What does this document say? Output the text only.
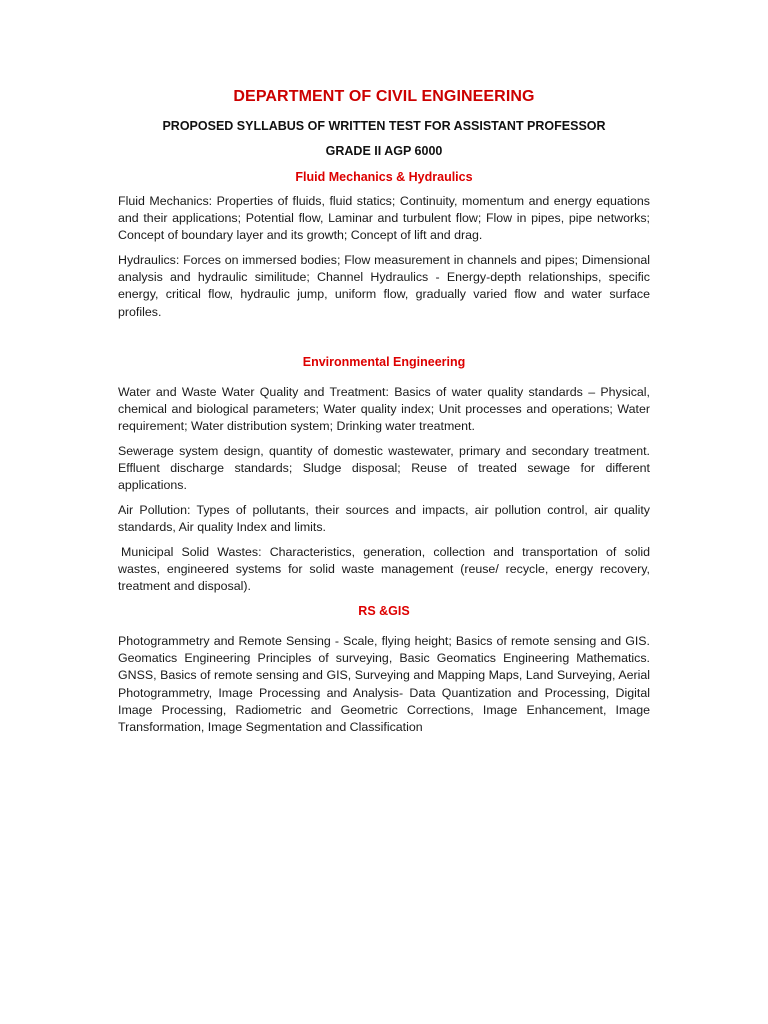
DEPARTMENT OF CIVIL ENGINEERING

PROPOSED SYLLABUS OF WRITTEN TEST FOR ASSISTANT PROFESSOR

GRADE II AGP 6000

Fluid Mechanics & Hydraulics

Fluid Mechanics: Properties of fluids, fluid statics; Continuity, momentum and energy equations and their applications; Potential flow, Laminar and turbulent flow; Flow in pipes, pipe networks; Concept of boundary layer and its growth; Concept of lift and drag.

Hydraulics: Forces on immersed bodies; Flow measurement in channels and pipes; Dimensional analysis and hydraulic similitude; Channel Hydraulics - Energy-depth relationships, specific energy, critical flow, hydraulic jump, uniform flow, gradually varied flow and water surface profiles.

Environmental Engineering

Water and Waste Water Quality and Treatment: Basics of water quality standards – Physical, chemical and biological parameters; Water quality index; Unit processes and operations; Water requirement; Water distribution system; Drinking water treatment.

Sewerage system design, quantity of domestic wastewater, primary and secondary treatment. Effluent discharge standards; Sludge disposal; Reuse of treated sewage for different applications.

Air Pollution: Types of pollutants, their sources and impacts, air pollution control, air quality standards, Air quality Index and limits.

Municipal Solid Wastes: Characteristics, generation, collection and transportation of solid wastes, engineered systems for solid waste management (reuse/ recycle, energy recovery, treatment and disposal).

RS &GIS

Photogrammetry and Remote Sensing - Scale, flying height; Basics of remote sensing and GIS. Geomatics Engineering Principles of surveying, Basic Geomatics Engineering Mathematics. GNSS, Basics of remote sensing and GIS, Surveying and Mapping Maps, Land Surveying, Aerial Photogrammetry, Image Processing and Analysis- Data Quantization and Processing, Digital Image Processing, Radiometric and Geometric Corrections, Image Enhancement, Image Transformation, Image Segmentation and Classification
